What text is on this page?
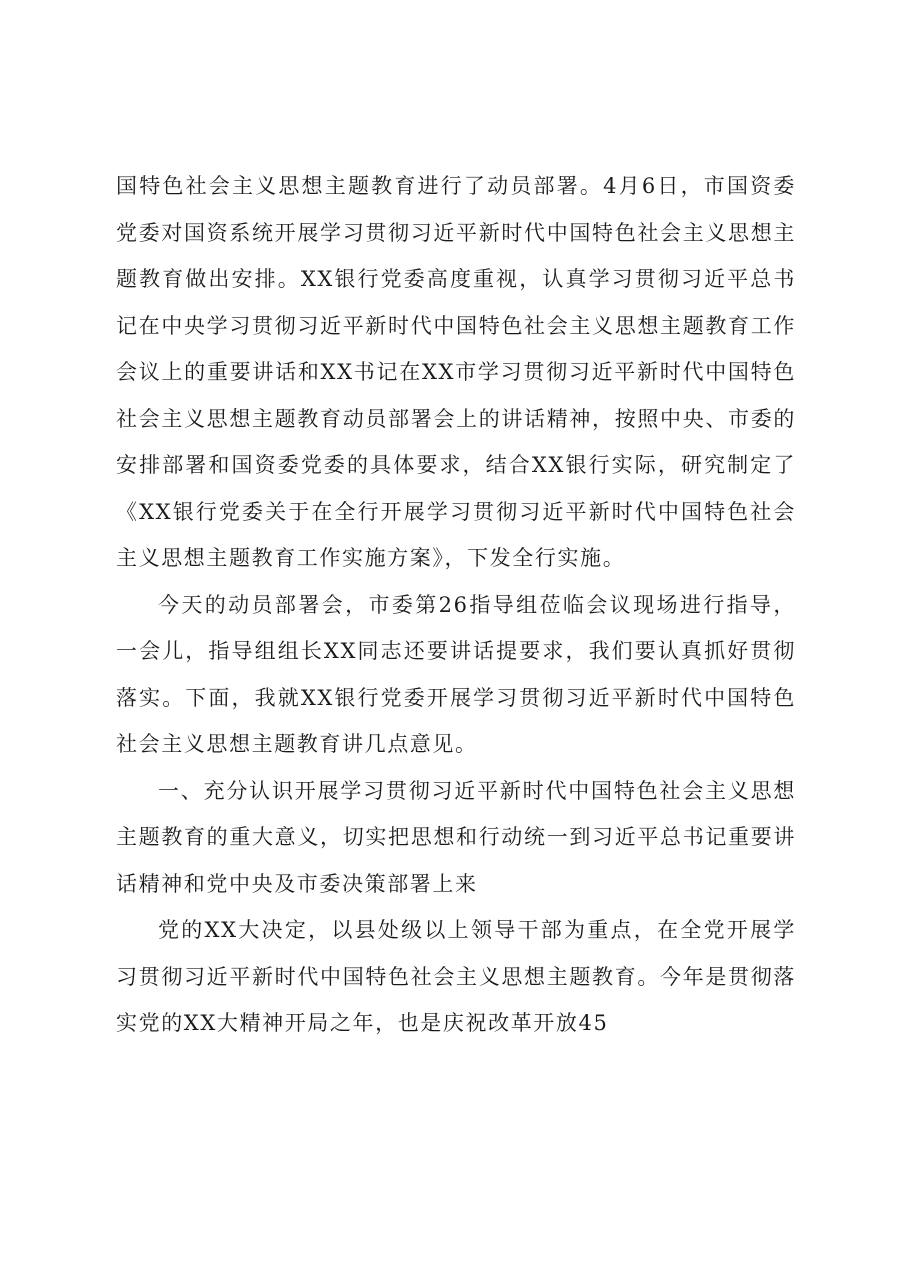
国特色社会主义思想主题教育进行了动员部署。4月6日，市国资委党委对国资系统开展学习贯彻习近平新时代中国特色社会主义思想主题教育做出安排。XX银行党委高度重视，认真学习贯彻习近平总书记在中央学习贯彻习近平新时代中国特色社会主义思想主题教育工作会议上的重要讲话和XX书记在XX市学习贯彻习近平新时代中国特色社会主义思想主题教育动员部署会上的讲话精神，按照中央、市委的安排部署和国资委党委的具体要求，结合XX银行实际，研究制定了《XX银行党委关于在全行开展学习贯彻习近平新时代中国特色社会主义思想主题教育工作实施方案》，下发全行实施。

今天的动员部署会，市委第26指导组莅临会议现场进行指导，一会儿，指导组组长XX同志还要讲话提要求，我们要认真抓好贯彻落实。下面，我就XX银行党委开展学习贯彻习近平新时代中国特色社会主义思想主题教育讲几点意见。

一、充分认识开展学习贯彻习近平新时代中国特色社会主义思想主题教育的重大意义，切实把思想和行动统一到习近平总书记重要讲话精神和党中央及市委决策部署上来

党的XX大决定，以县处级以上领导干部为重点，在全党开展学习贯彻习近平新时代中国特色社会主义思想主题教育。今年是贯彻落实党的XX大精神开局之年，也是庆祝改革开放45
